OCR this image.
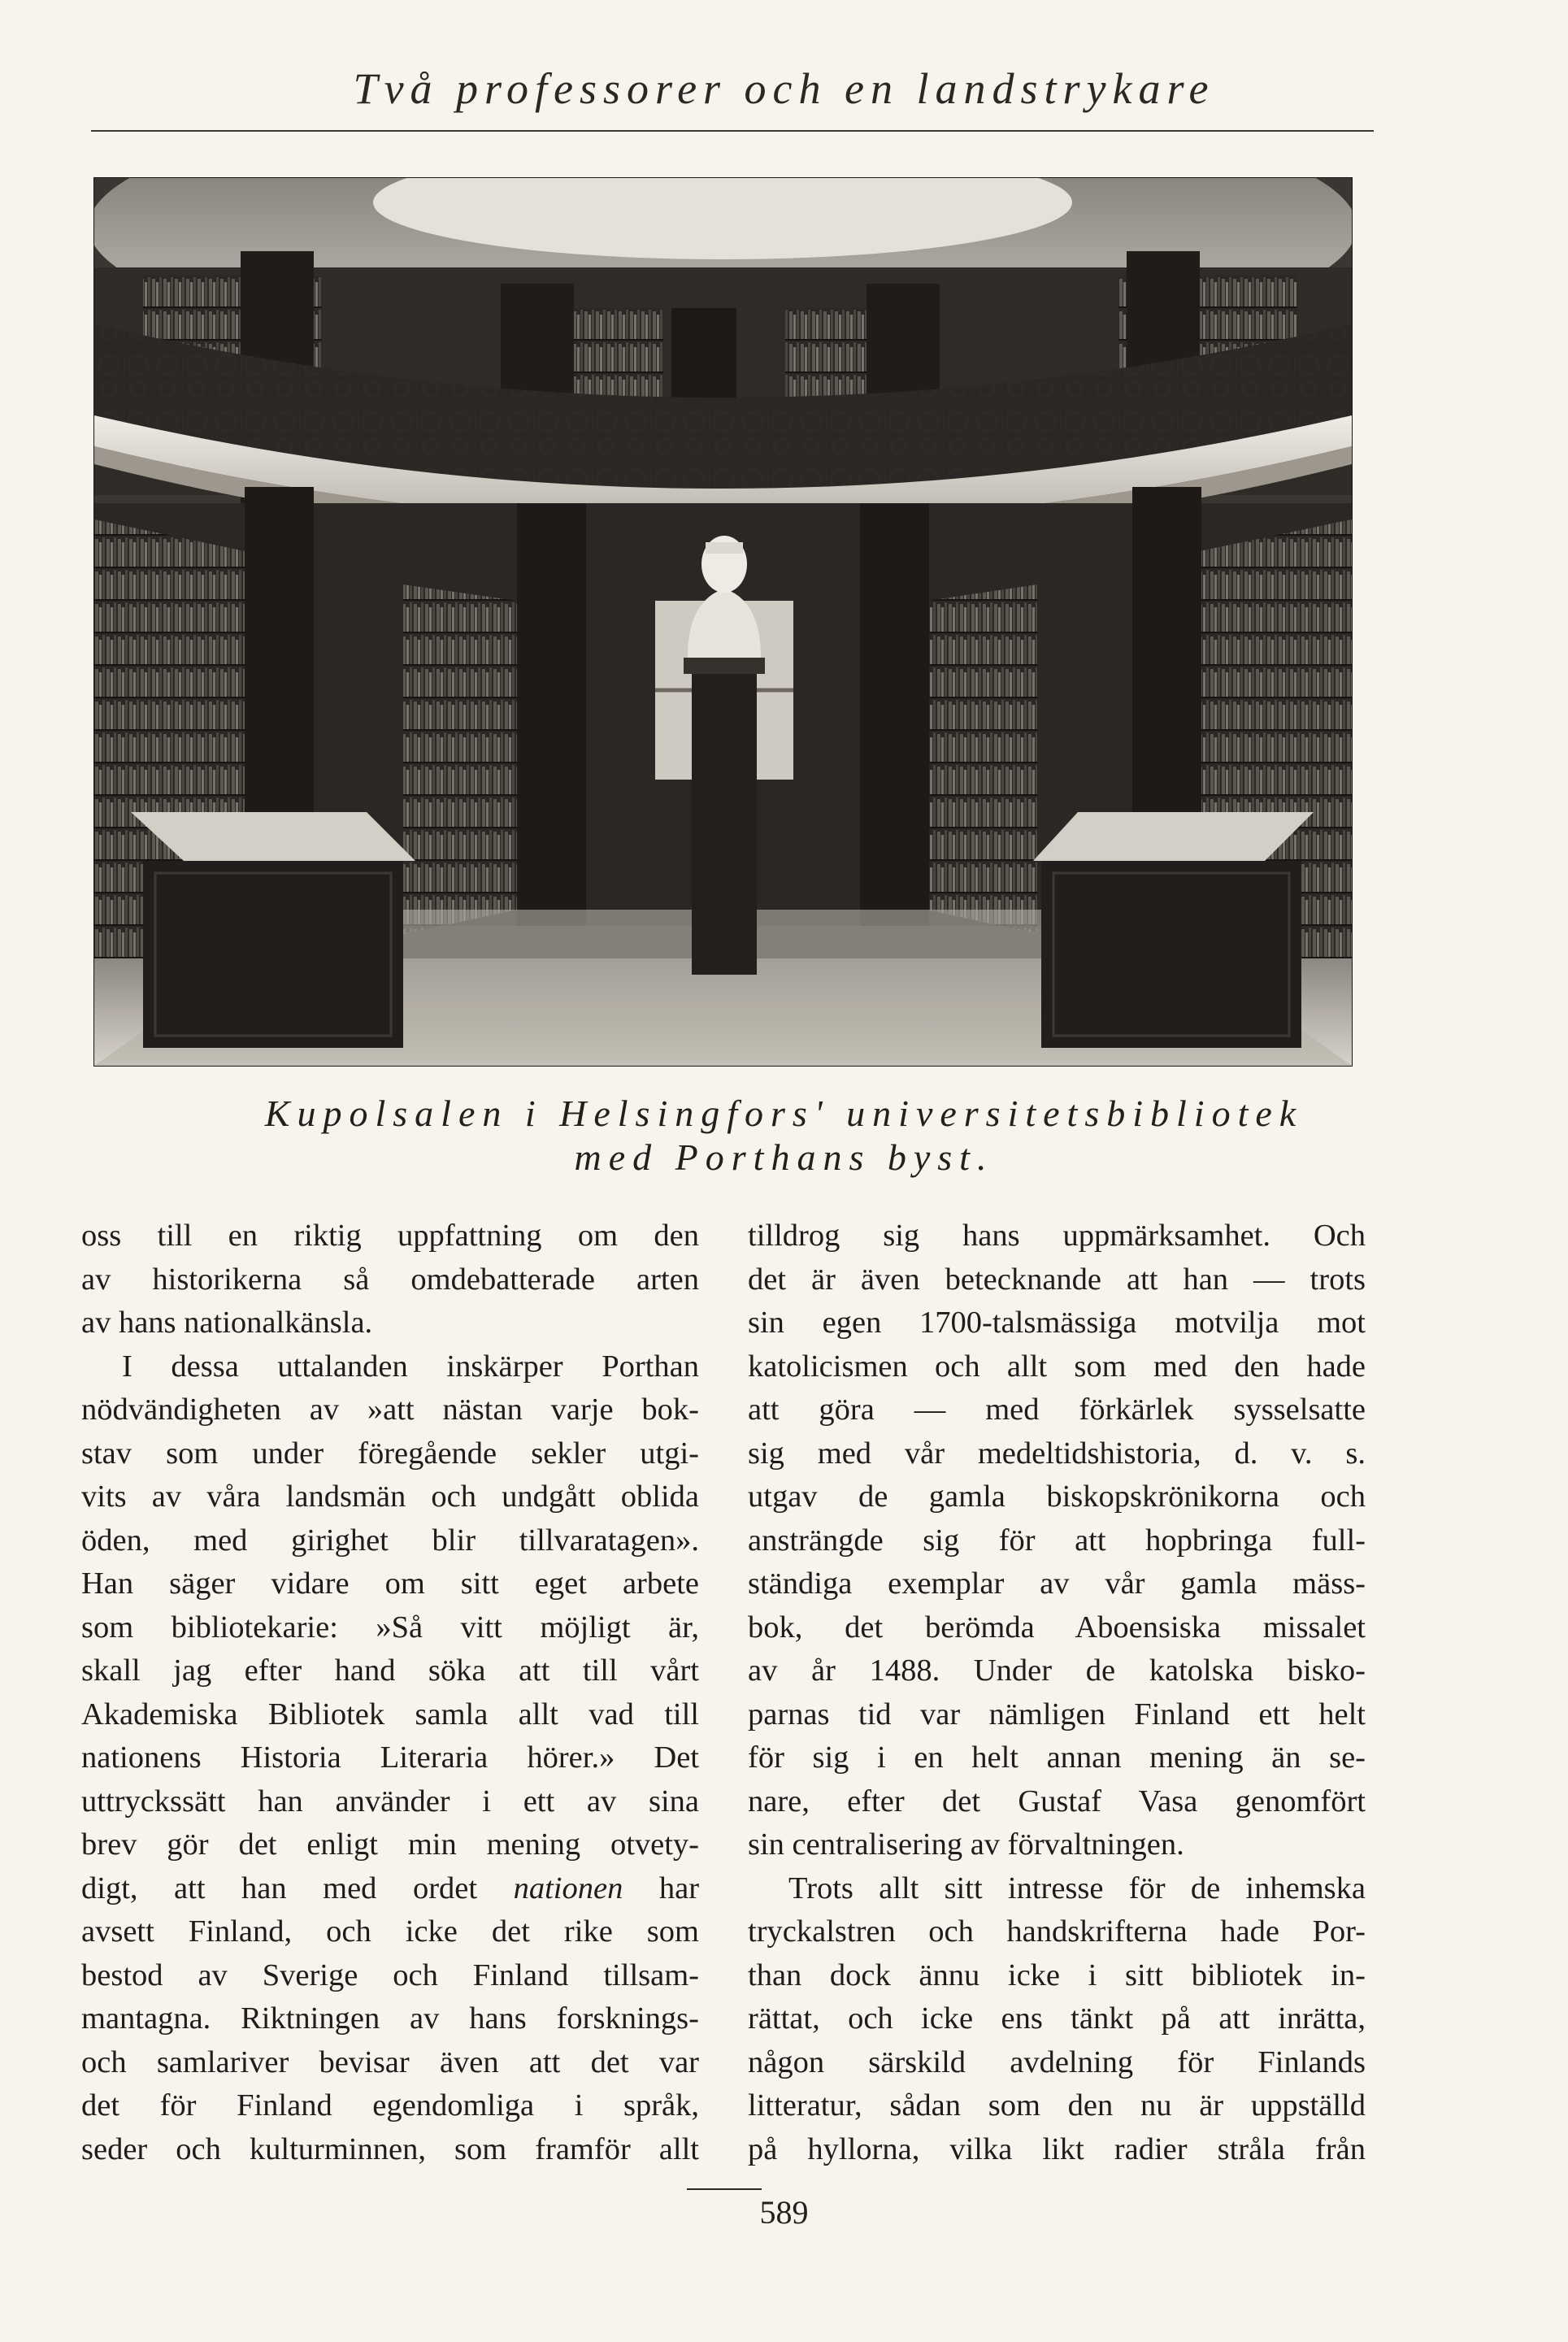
Två professorer och en landstrykare
Kupolsalen i Helsingfors' universitetsbibliotek
med Porthans byst.
oss till en riktig uppfattning om den
av historikerna så omdebatterade arten
av hans nationalkänsla.
I dessa uttalanden inskärper Porthan
nödvändigheten av »att nästan varje bok-
stav som under föregående sekler utgi-
vits av våra landsmän och undgått oblida
öden, med girighet blir tillvaratagen».
Han säger vidare om sitt eget arbete
som bibliotekarie: »Så vitt möjligt är,
skall jag efter hand söka att till vårt
Akademiska Bibliotek samla allt vad till
nationens Historia Literaria hörer.» Det
uttryckssätt han använder i ett av sina
brev gör det enligt min mening otvety-
digt, att han med ordet nationen har
avsett Finland, och icke det rike som
bestod av Sverige och Finland tillsam-
mantagna. Riktningen av hans forsknings-
och samlariver bevisar även att det var
det för Finland egendomliga i språk,
seder och kulturminnen, som framför allt
tilldrog sig hans uppmärksamhet. Och
det är även betecknande att han — trots
sin egen 1700-talsmässiga motvilja mot
katolicismen och allt som med den hade
att göra — med förkärlek sysselsatte
sig med vår medeltidshistoria, d. v. s.
utgav de gamla biskopskrönikorna och
ansträngde sig för att hopbringa full-
ständiga exemplar av vår gamla mäss-
bok, det berömda Aboensiska missalet
av år 1488. Under de katolska bisko-
parnas tid var nämligen Finland ett helt
för sig i en helt annan mening än se-
nare, efter det Gustaf Vasa genomfört
sin centralisering av förvaltningen.
Trots allt sitt intresse för de inhemska
tryckalstren och handskrifterna hade Por-
than dock ännu icke i sitt bibliotek in-
rättat, och icke ens tänkt på att inrätta,
någon särskild avdelning för Finlands
litteratur, sådan som den nu är uppställd
på hyllorna, vilka likt radier stråla från
589
